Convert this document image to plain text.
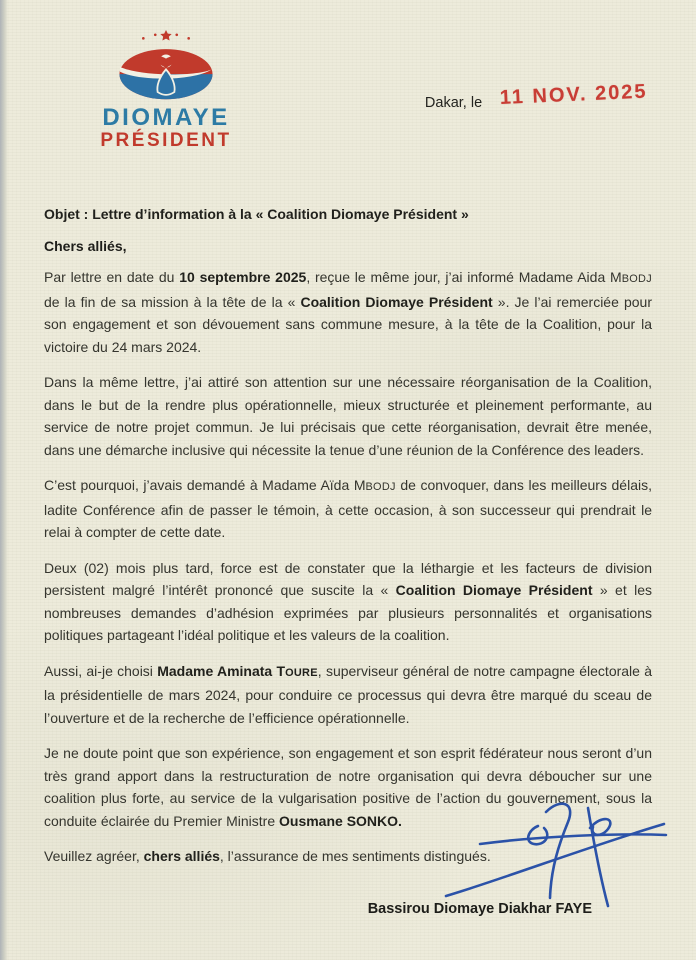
DIOMAYE
PRÉSIDENT
Dakar, le 11 NOV. 2025

Objet : Lettre d’information à la « Coalition Diomaye Président »

Chers alliés,

Par lettre en date du 10 septembre 2025, reçue le même jour, j’ai informé Madame Aida MBODJ de la fin de sa mission à la tête de la « Coalition Diomaye Président ». Je l’ai remerciée pour son engagement et son dévouement sans commune mesure, à la tête de la Coalition, pour la victoire du 24 mars 2024.

Dans la même lettre, j’ai attiré son attention sur une nécessaire réorganisation de la Coalition, dans le but de la rendre plus opérationnelle, mieux structurée et pleinement performante, au service de notre projet commun. Je lui précisais que cette réorganisation, devrait être menée, dans une démarche inclusive qui nécessite la tenue d’une réunion de la Conférence des leaders.

C’est pourquoi, j’avais demandé à Madame Aïda MBODJ de convoquer, dans les meilleurs délais, ladite Conférence afin de passer le témoin, à cette occasion, à son successeur qui prendrait le relai à compter de cette date.

Deux (02) mois plus tard, force est de constater que la léthargie et les facteurs de division persistent malgré l’intérêt prononcé que suscite la « Coalition Diomaye Président » et les nombreuses demandes d’adhésion exprimées par plusieurs personnalités et organisations politiques partageant l’idéal politique et les valeurs de la coalition.

Aussi, ai-je choisi Madame Aminata TOURE, superviseur général de notre campagne électorale à la présidentielle de mars 2024, pour conduire ce processus qui devra être marqué du sceau de l’ouverture et de la recherche de l’efficience opérationnelle.

Je ne doute point que son expérience, son engagement et son esprit fédérateur nous seront d’un très grand apport dans la restructuration de notre organisation qui devra déboucher sur une coalition plus forte, au service de la vulgarisation positive de l’action du gouvernement, sous la conduite éclairée du Premier Ministre Ousmane SONKO.

Veuillez agréer, chers alliés, l’assurance de mes sentiments distingués.

Bassirou Diomaye Diakhar FAYE
